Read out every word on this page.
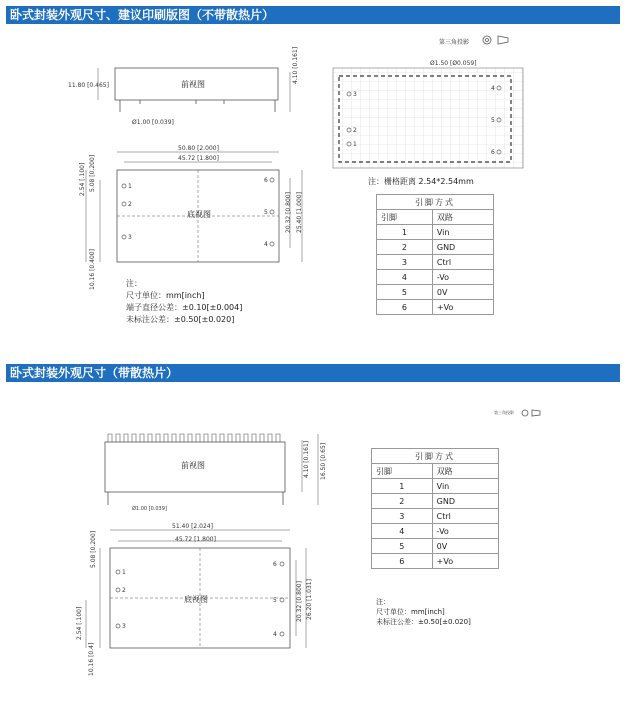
卧式封装外观尺寸、建议印刷版图（不带散热片）
卧式封装外观尺寸（带散热片）
第三角投影
前视图
11.80 [0.465]
4.10 [0.161]
Ø1.00 [0.039]
50.80 [2.000]
45.72 [1.800]
底视图
2.54 [.100] 5.08 [0.200]
10.16 [0.400]
20.32 [0.800] 25.40 [1.000]
1
2
3
4
5
6
3
2
1
4
5
6
Ø1.50 [Ø0.059]
注：栅格距离 2.54*2.54mm
注：
尺寸单位：mm[inch]
端子直径公差：±0.10[±0.004]
未标注公差：±0.50[±0.020]
引脚方式	
引脚	双路
1	Vin
2	GND
3	Ctrl
4	-Vo
5	0V
6	+Vo
第三角投影
前视图	4.10 [0.161] 16.50 [0.65]
Ø1.00 [0.039]
51.40 [2.024]
45.72 [1.800]
底视图
5.08 [0.200]
20.32 [0.800] 26.20 [1.031]
2.54 [.100]
10.16 [0.4]
1
2
3
4
5
6
引脚方式	
引脚	双路
1	Vin
2	GND
3	Ctrl
4	-Vo
5	0V
6	+Vo
注：
尺寸单位：mm[inch]
未标注公差：±0.50[±0.020]
